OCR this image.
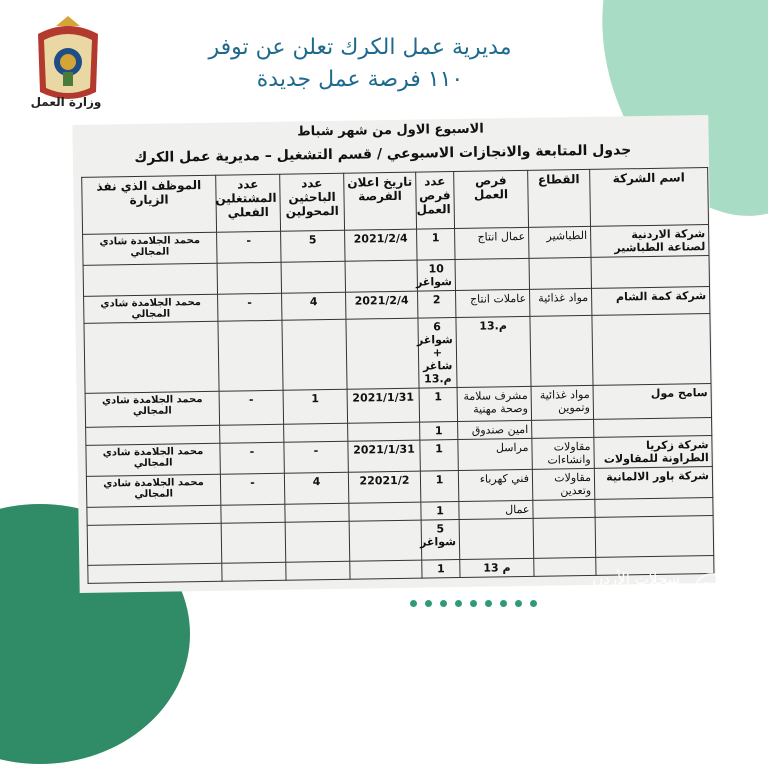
وزارة العمل
مديرية عمل الكرك تعلن عن توفر
١١٠ فرصة عمل جديدة
الاسبوع الاول من شهر شباط
جدول المتابعة والانجازات الاسبوعي / قسم التشغيل – مديرية عمل الكرك
اسم الشركة	القطاع	فرص العمل	عدد فرص العمل	تاريخ اعلان الفرصة	عدد الباحثين المحولين	عدد المشتغلين الفعلي	الموظف الذي نفذ الزيارة
شركة الاردنية لصناعة الطباشير	الطباشير	عمال انتاج	1	2021/2/4	5	-	محمد الجلامدة شادي المجالي
			10 شواغر				
شركة كمة الشام	مواد غذائية	عاملات انتاج	2	2021/2/4	4	-	محمد الجلامدة شادي المجالي
		م.13	6 شواغر + شاغر م.13				
سامح مول	مواد غذائية وتموين	مشرف سلامة وصحة مهنية	1	2021/1/31	1	-	محمد الجلامدة شادي المجالي
		امين صندوق	1				
شركة زكريا الطراونة للمقاولات	مقاولات وانشاءات	مراسل	1	2021/1/31	-	-	محمد الجلامدة شادي المجالي
شركة باور الالمانية	مقاولات وتعدين	فني كهرباء	1	22021/2	4	-	محمد الجلامدة شادي المجالي
		عمال	1				
			5 شواغر				
		م 13	1				
سجلات الأردن
JordanRec.com
